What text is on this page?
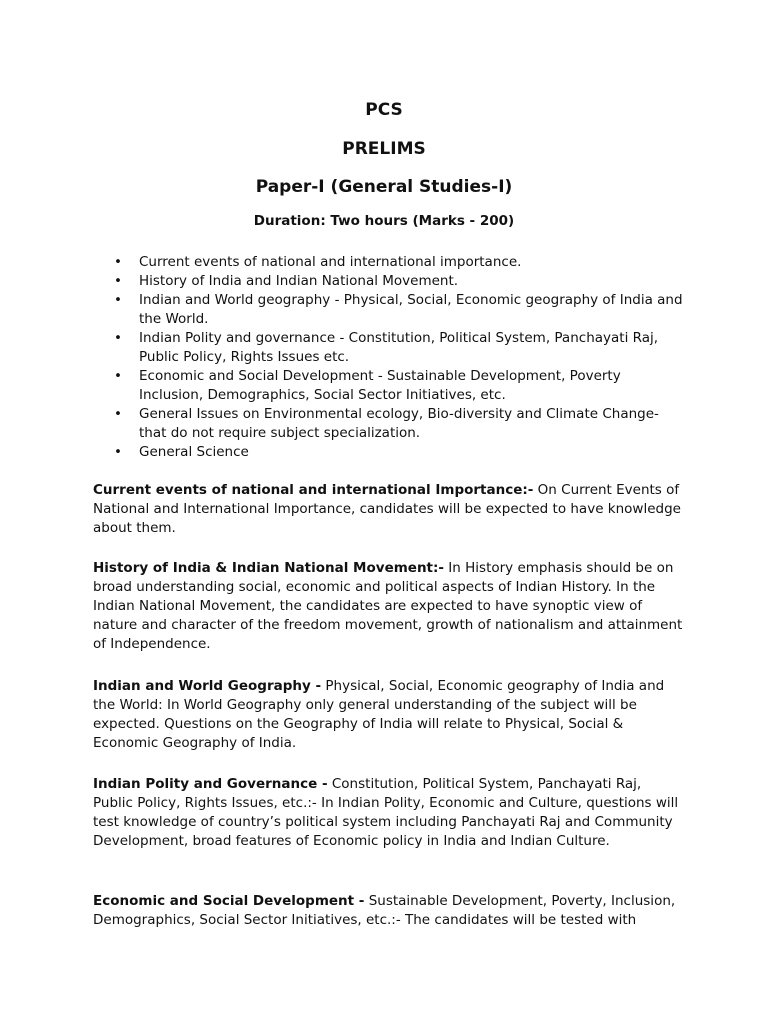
PCS
PRELIMS
Paper-I (General Studies-I)
Duration: Two hours (Marks - 200)
• Current events of national and international importance.
• History of India and Indian National Movement.
• Indian and World geography - Physical, Social, Economic geography of India and the World.
• Indian Polity and governance - Constitution, Political System, Panchayati Raj, Public Policy, Rights Issues etc.
• Economic and Social Development - Sustainable Development, Poverty Inclusion, Demographics, Social Sector Initiatives, etc.
• General Issues on Environmental ecology, Bio-diversity and Climate Change- that do not require subject specialization.
• General Science

Current events of national and international Importance:- On Current Events of National and International Importance, candidates will be expected to have knowledge about them.

History of India & Indian National Movement:- In History emphasis should be on broad understanding social, economic and political aspects of Indian History. In the Indian National Movement, the candidates are expected to have synoptic view of nature and character of the freedom movement, growth of nationalism and attainment of Independence.

Indian and World Geography - Physical, Social, Economic geography of India and the World: In World Geography only general understanding of the subject will be expected. Questions on the Geography of India will relate to Physical, Social & Economic Geography of India.

Indian Polity and Governance - Constitution, Political System, Panchayati Raj, Public Policy, Rights Issues, etc.:- In Indian Polity, Economic and Culture, questions will test knowledge of country’s political system including Panchayati Raj and Community Development, broad features of Economic policy in India and Indian Culture.

Economic and Social Development - Sustainable Development, Poverty, Inclusion, Demographics, Social Sector Initiatives, etc.:- The candidates will be tested with
